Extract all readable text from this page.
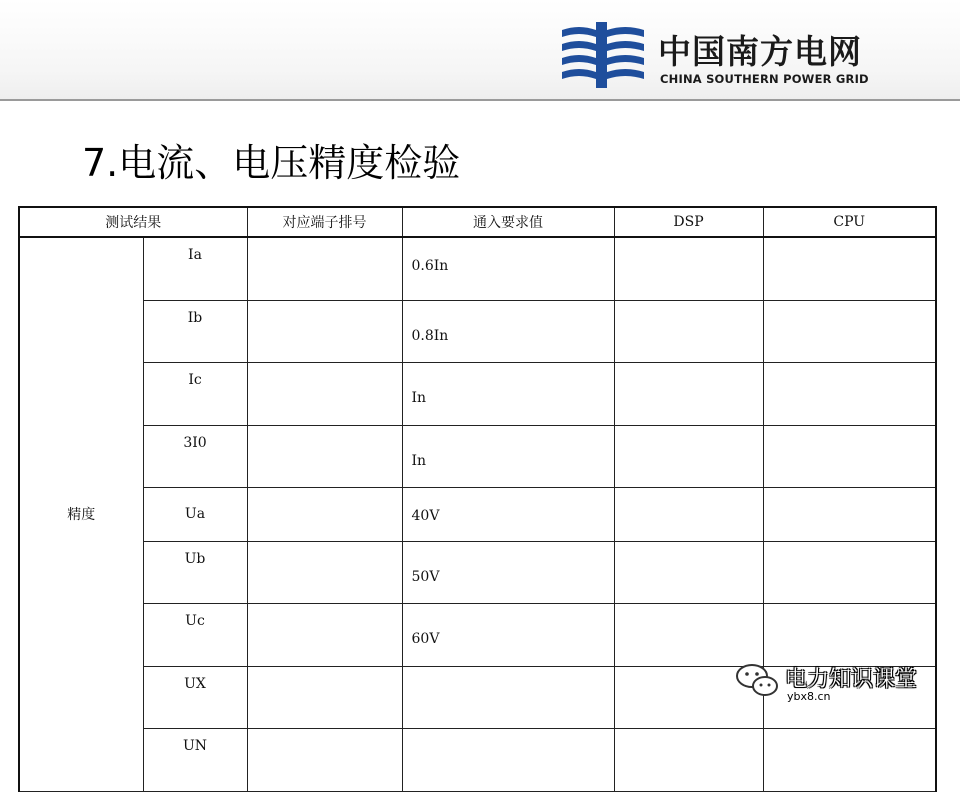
中国南方电网
CHINA SOUTHERN POWER GRID
7.电流、电压精度检验
测试结果		对应端子排号	通入要求值	DSP	CPU
精度	Ia		0.6In		

	Ib		0.8In		

	Ic		In		

	3I0		In		

	Ua		40V		

	Ub		50V		

	Uc		60V		

	UX		

	UN		

电力知识课堂
ybx8.cn
